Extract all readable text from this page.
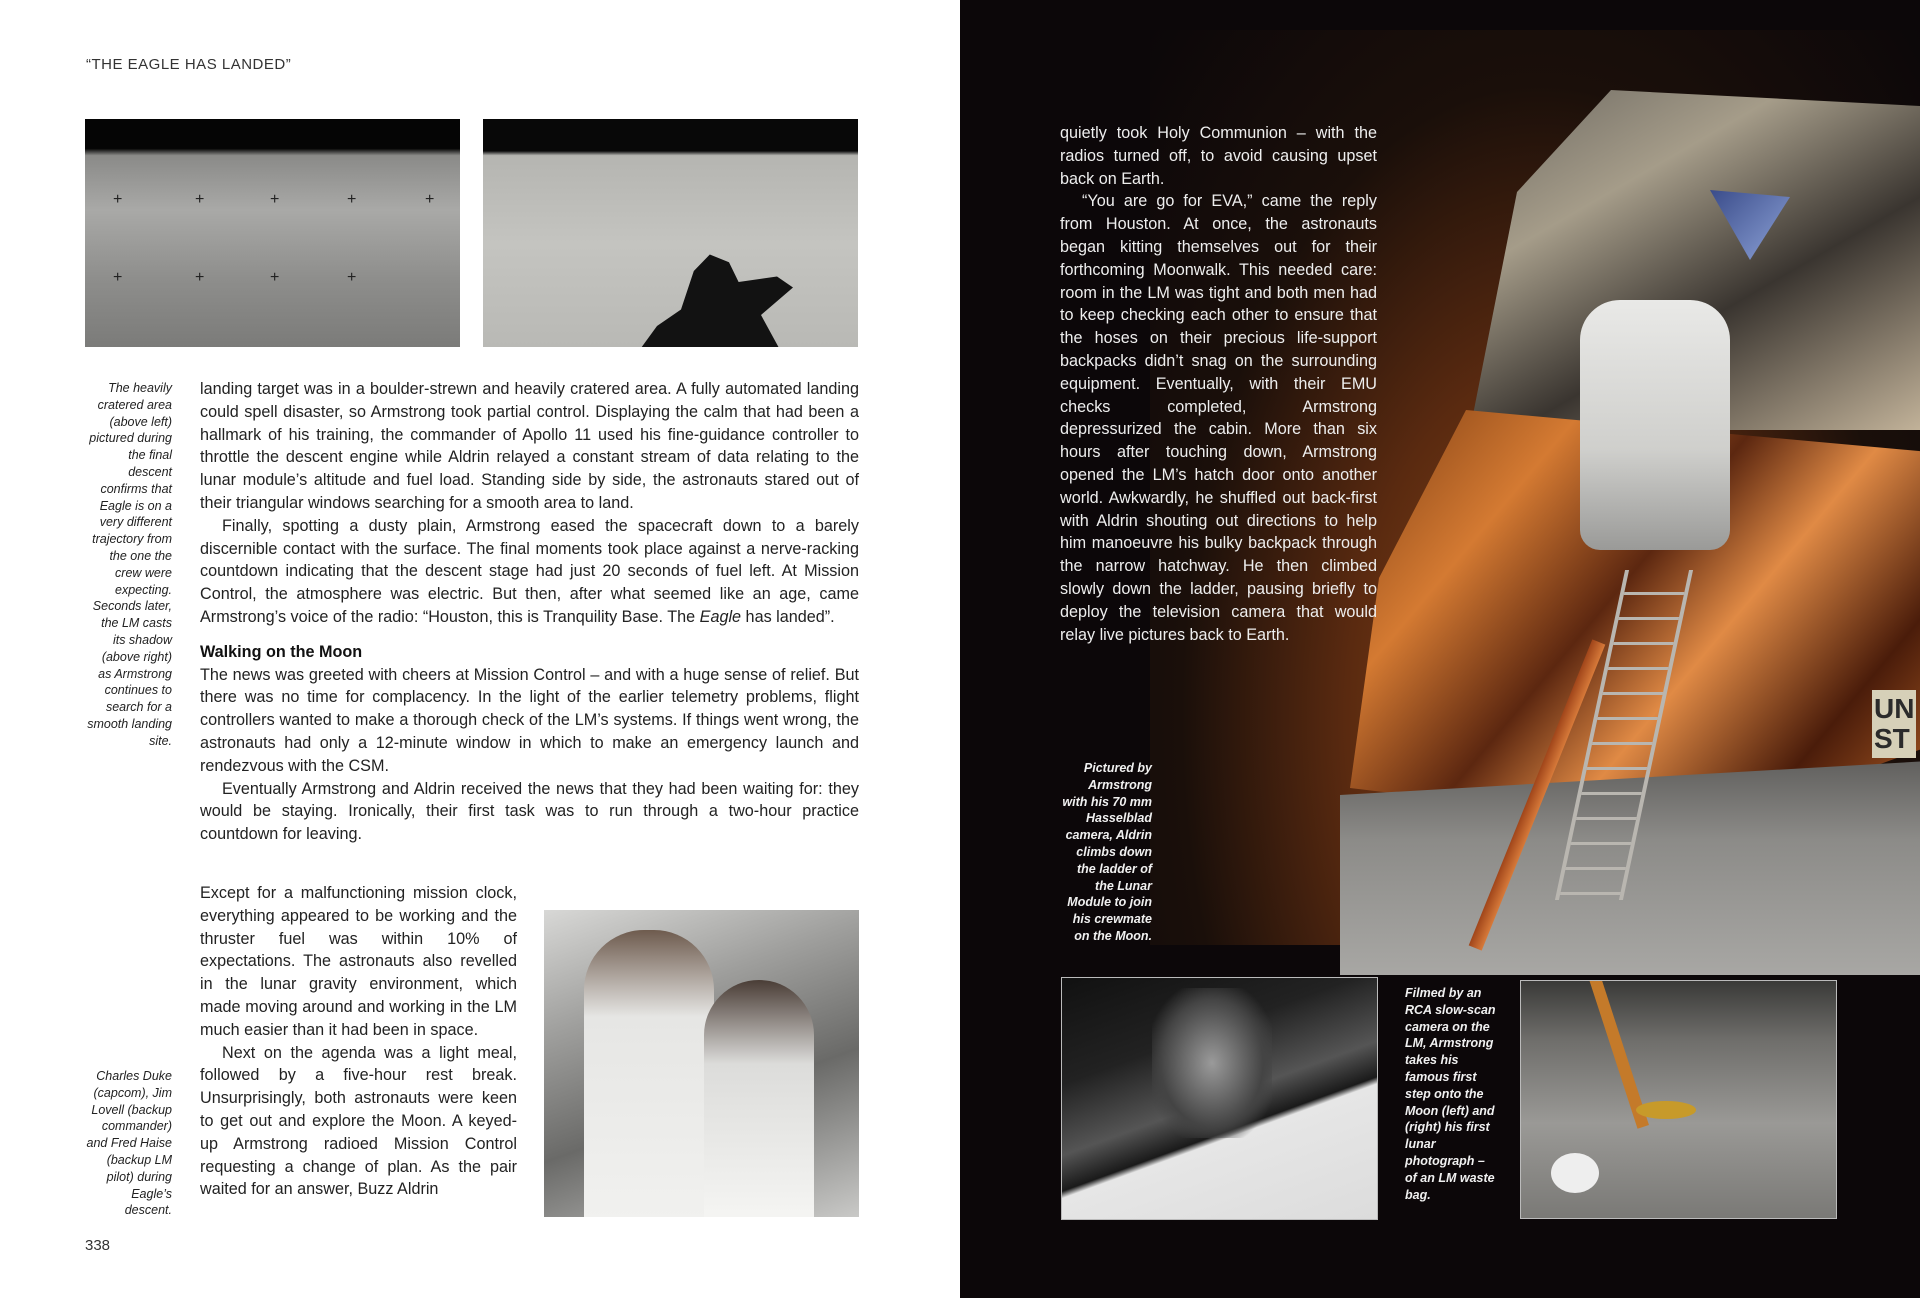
“THE EAGLE HAS LANDED”
+	+	+	+	+
+	+	+	+
The heavily cratered area (above left) pictured during the final descent confirms that Eagle is on a very different trajectory from the one the crew were expecting. Seconds later, the LM casts its shadow (above right) as Armstrong continues to search for a smooth landing site.

landing target was in a boulder-strewn and heavily cratered area. A fully automated landing could spell disaster, so Armstrong took partial control. Displaying the calm that had been a hallmark of his training, the commander of Apollo 11 used his fine-guidance controller to throttle the descent engine while Aldrin relayed a constant stream of data relating to the lunar module’s altitude and fuel load. Standing side by side, the astronauts stared out of their triangular windows searching for a smooth area to land.

Finally, spotting a dusty plain, Armstrong eased the spacecraft down to a barely discernible contact with the surface. The final moments took place against a nerve-racking countdown indicating that the descent stage had just 20 seconds of fuel left. At Mission Control, the atmosphere was electric. But then, after what seemed like an age, came Armstrong’s voice of the radio: “Houston, this is Tranquility Base. The Eagle has landed”.

Walking on the Moon

The news was greeted with cheers at Mission Control – and with a huge sense of relief. But there was no time for complacency. In the light of the earlier telemetry problems, flight controllers wanted to make a thorough check of the LM’s systems. If things went wrong, the astronauts had only a 12-minute window in which to make an emergency launch and rendezvous with the CSM.

Eventually Armstrong and Aldrin received the news that they had been waiting for: they would be staying. Ironically, their first task was to run through a two-hour practice countdown for leaving.

Except for a malfunctioning mission clock, everything appeared to be working and the thruster fuel was within 10% of expectations. The astronauts also revelled in the lunar gravity environment, which made moving around and working in the LM much easier than it had been in space.

Next on the agenda was a light meal, followed by a five-hour rest break. Unsurprisingly, both astronauts were keen to get out and explore the Moon. A keyed-up Armstrong radioed Mission Control requesting a change of plan. As the pair waited for an answer, Buzz Aldrin

Charles Duke (capcom), Jim Lovell (backup commander) and Fred Haise (backup LM pilot) during Eagle’s descent.
338
UN
ST

quietly took Holy Communion – with the radios turned off, to avoid causing upset back on Earth.

“You are go for EVA,” came the reply from Houston. At once, the astronauts began kitting themselves out for their forthcoming Moonwalk. This needed care: room in the LM was tight and both men had to keep checking each other to ensure that the hoses on their precious life-support backpacks didn’t snag on the surrounding equipment. Eventually, with their EMU checks completed, Armstrong depressurized the cabin. More than six hours after touching down, Armstrong opened the LM’s hatch door onto another world. Awkwardly, he shuffled out back-first with Aldrin shouting out directions to help him manoeuvre his bulky backpack through the narrow hatchway. He then climbed slowly down the ladder, pausing briefly to deploy the television camera that would relay live pictures back to Earth.

Pictured by Armstrong with his 70 mm Hasselblad camera, Aldrin climbs down the ladder of the Lunar Module to join his crewmate on the Moon.
Filmed by an RCA slow-scan camera on the LM, Armstrong takes his famous first step onto the Moon (left) and (right) his first lunar photograph – of an LM waste bag.
